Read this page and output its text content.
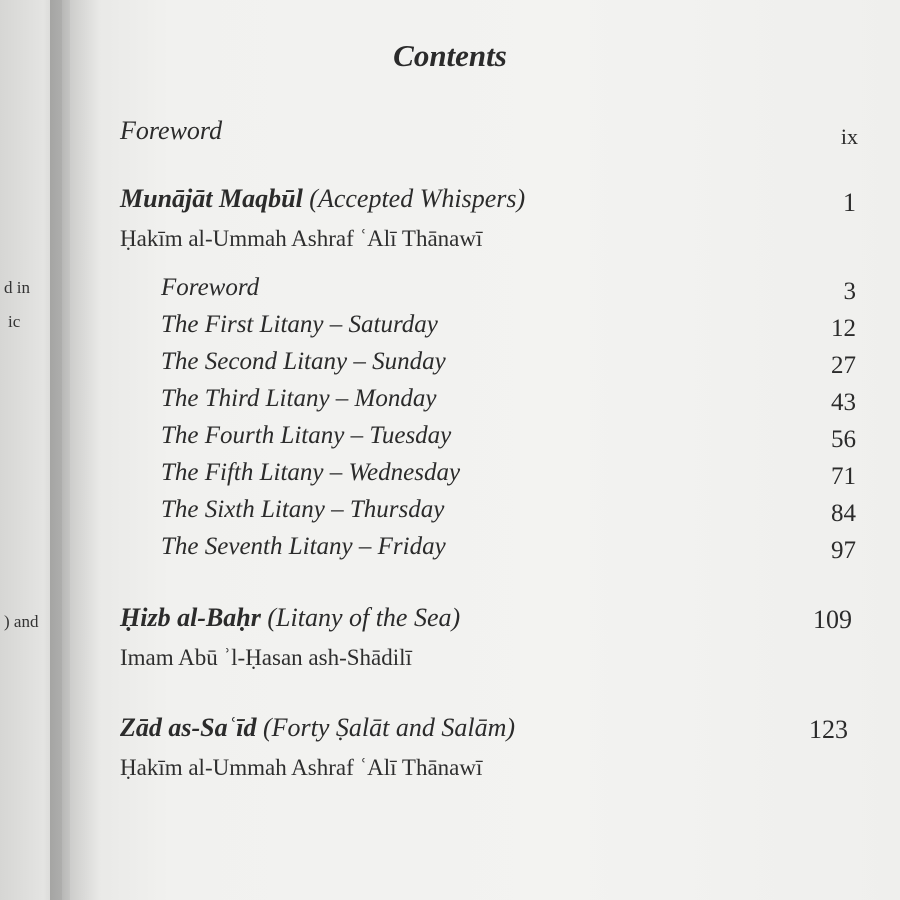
d in
ic
) and
Contents
Foreword	ix
Munājāt Maqbūl (Accepted Whispers)	1
Ḥakīm al-Ummah Ashraf ʿAlī Thānawī
Foreword	3
The First Litany – Saturday	12
The Second Litany – Sunday	27
The Third Litany – Monday	43
The Fourth Litany – Tuesday	56
The Fifth Litany – Wednesday	71
The Sixth Litany – Thursday	84
The Seventh Litany – Friday	97
Ḥizb al-Baḥr (Litany of the Sea)	109
Imam Abū ʾl-Ḥasan ash-Shādilī
Zād as-Saʿīd (Forty Ṣalāt and Salām)	123
Ḥakīm al-Ummah Ashraf ʿAlī Thānawī
